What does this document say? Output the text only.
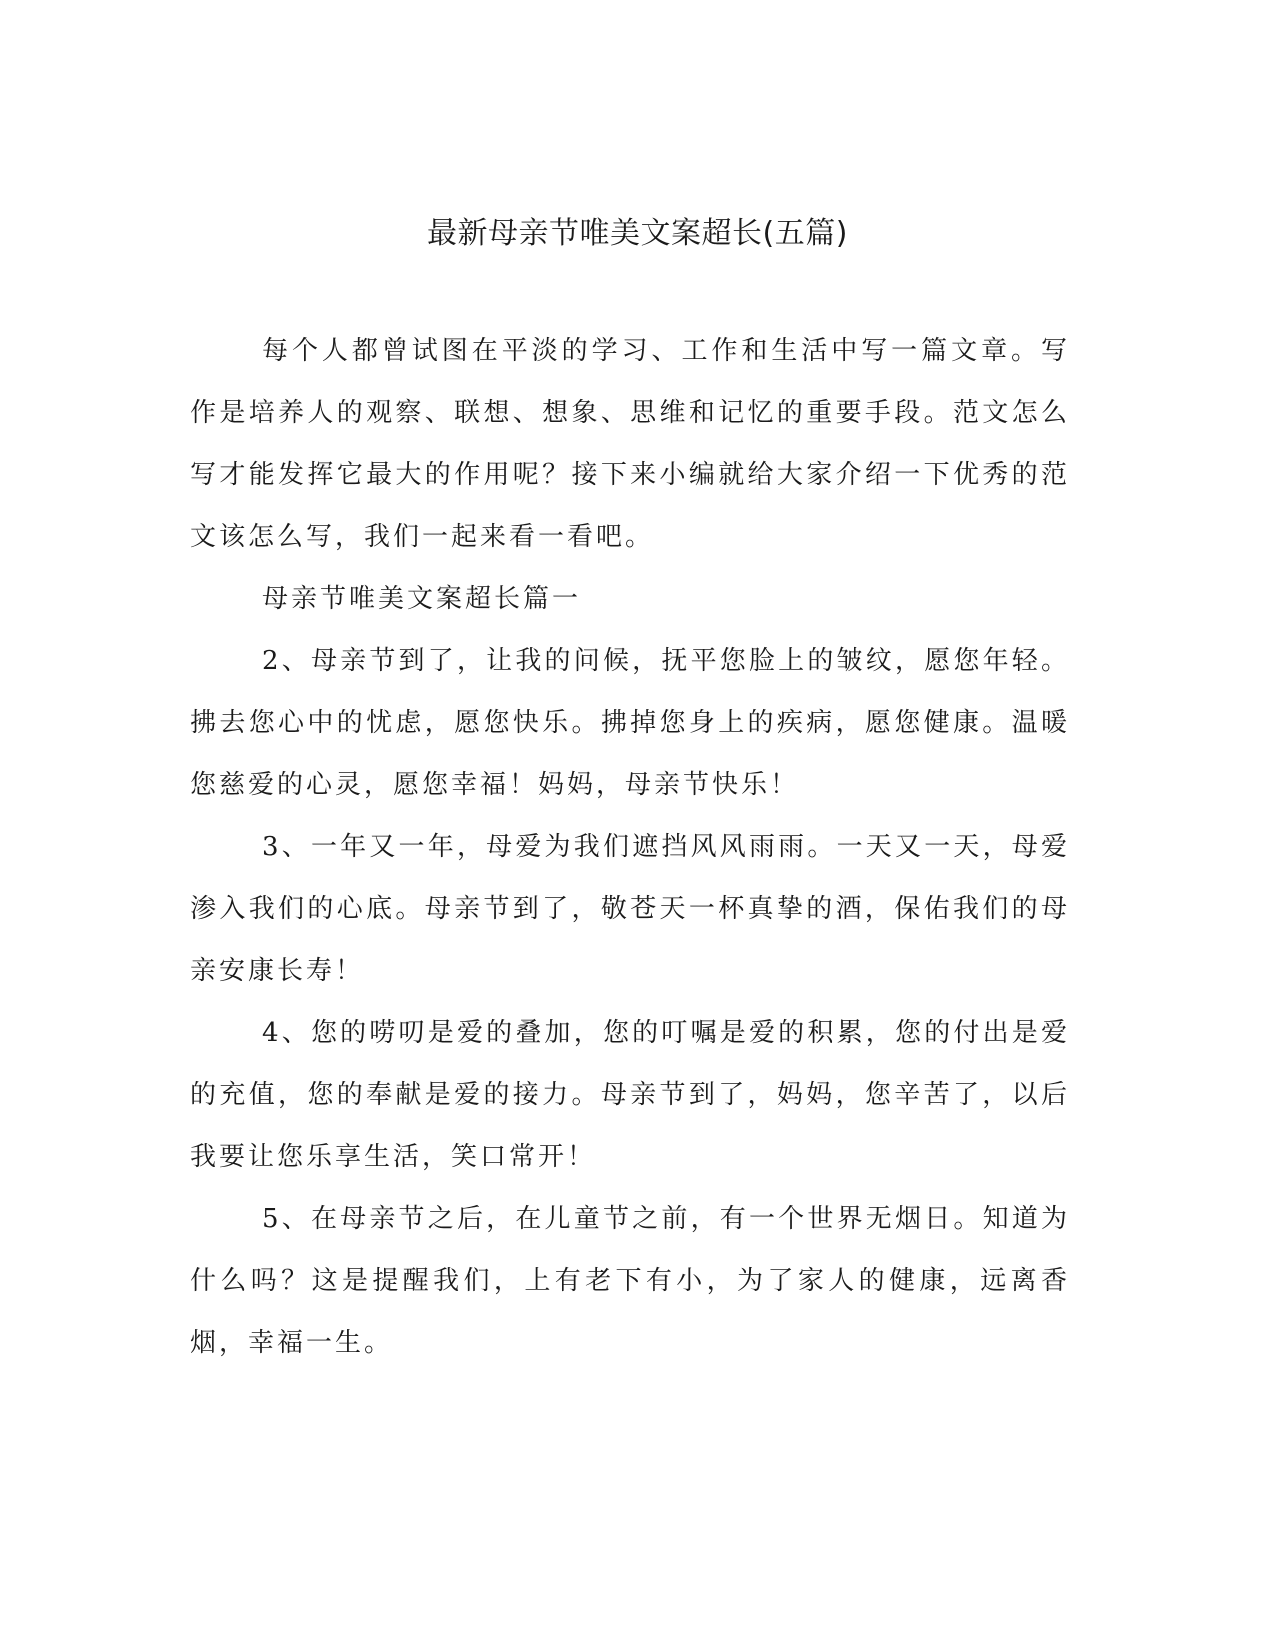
最新母亲节唯美文案超长(五篇)

每个人都曾试图在平淡的学习、工作和生活中写一篇文章。写作是培养人的观察、联想、想象、思维和记忆的重要手段。范文怎么写才能发挥它最大的作用呢？接下来小编就给大家介绍一下优秀的范文该怎么写，我们一起来看一看吧。

母亲节唯美文案超长篇一

2、母亲节到了，让我的问候，抚平您脸上的皱纹，愿您年轻。拂去您心中的忧虑，愿您快乐。拂掉您身上的疾病，愿您健康。温暖您慈爱的心灵，愿您幸福！妈妈，母亲节快乐！

3、一年又一年，母爱为我们遮挡风风雨雨。一天又一天，母爱渗入我们的心底。母亲节到了，敬苍天一杯真挚的酒，保佑我们的母亲安康长寿！

4、您的唠叨是爱的叠加，您的叮嘱是爱的积累，您的付出是爱的充值，您的奉献是爱的接力。母亲节到了，妈妈，您辛苦了，以后我要让您乐享生活，笑口常开！

5、在母亲节之后，在儿童节之前，有一个世界无烟日。知道为什么吗？这是提醒我们，上有老下有小，为了家人的健康，远离香烟，幸福一生。
